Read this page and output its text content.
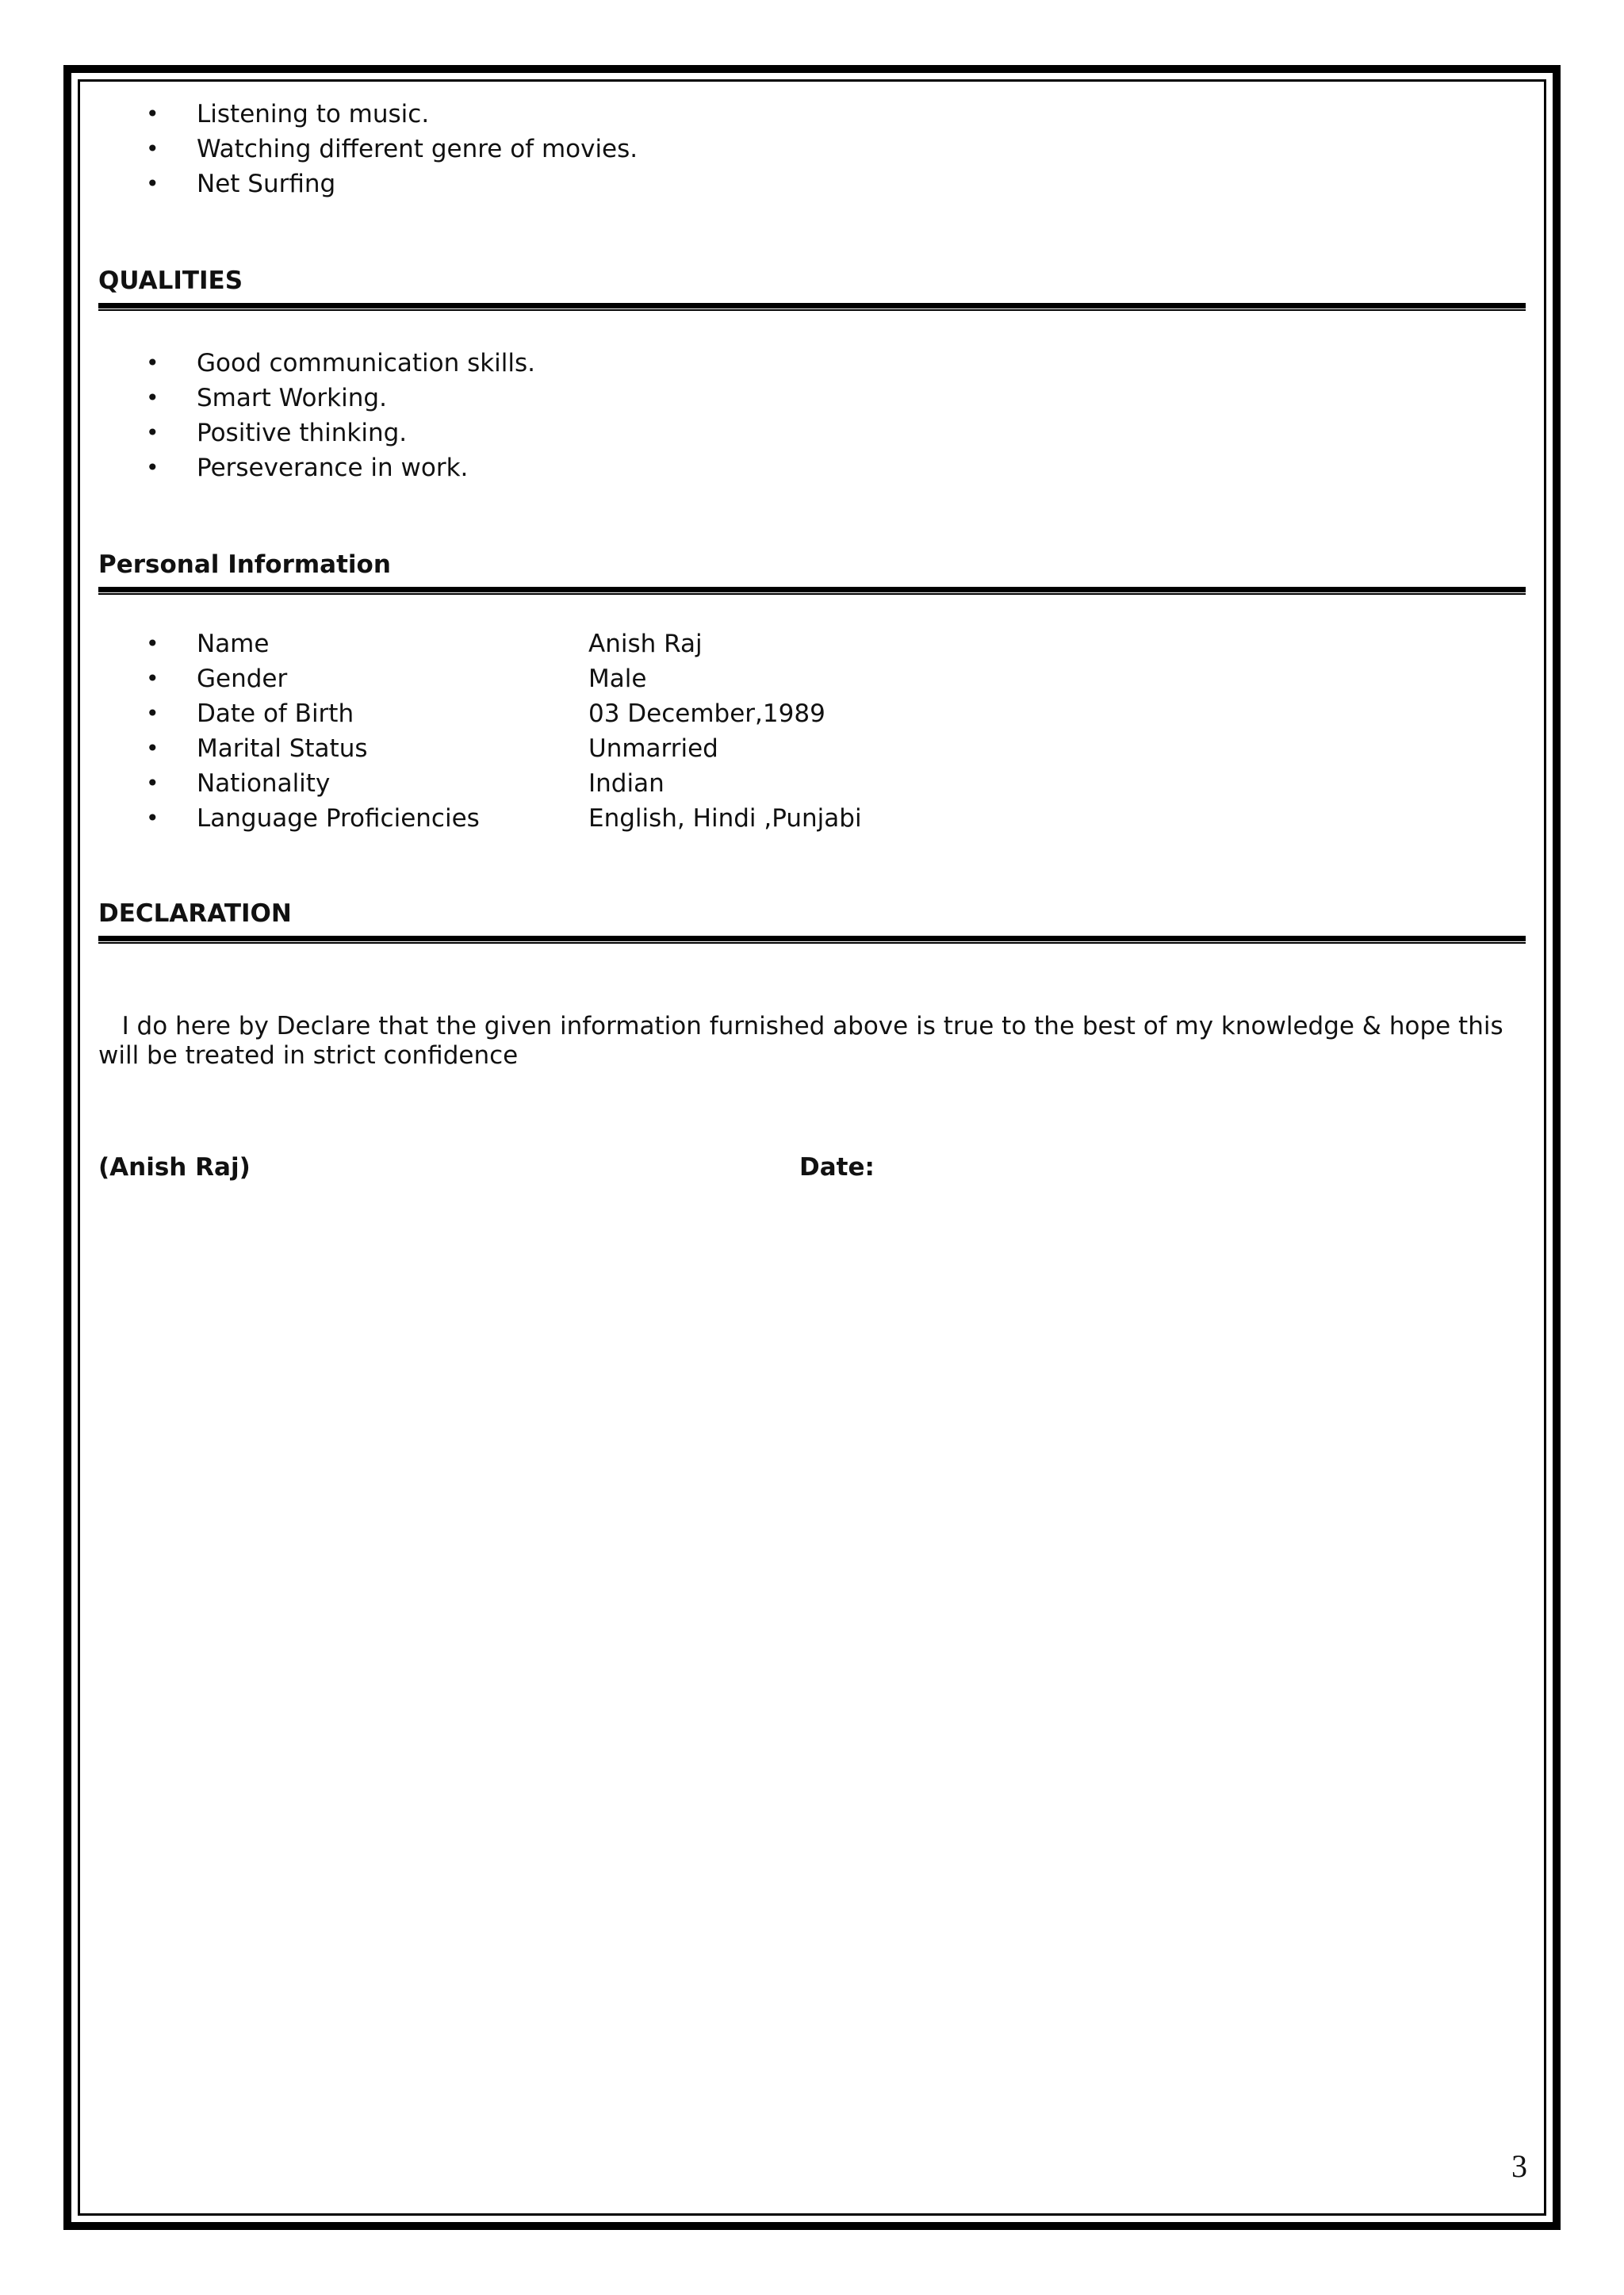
• Listening to music.
• Watching different genre of movies.
• Net Surfing
QUALITIES
• Good communication skills.
• Smart Working.
• Positive thinking.
• Perseverance in work.
Personal Information
• Name	Anish Raj
• Gender	Male
• Date of Birth	03 December,1989
• Marital Status	Unmarried
• Nationality	Indian
• Language Proficiencies	English, Hindi ,Punjabi
DECLARATION

I do here by Declare that the given information furnished above is true to the best of my knowledge & hope this will be treated in strict confidence

(Anish Raj)	Date:
3
